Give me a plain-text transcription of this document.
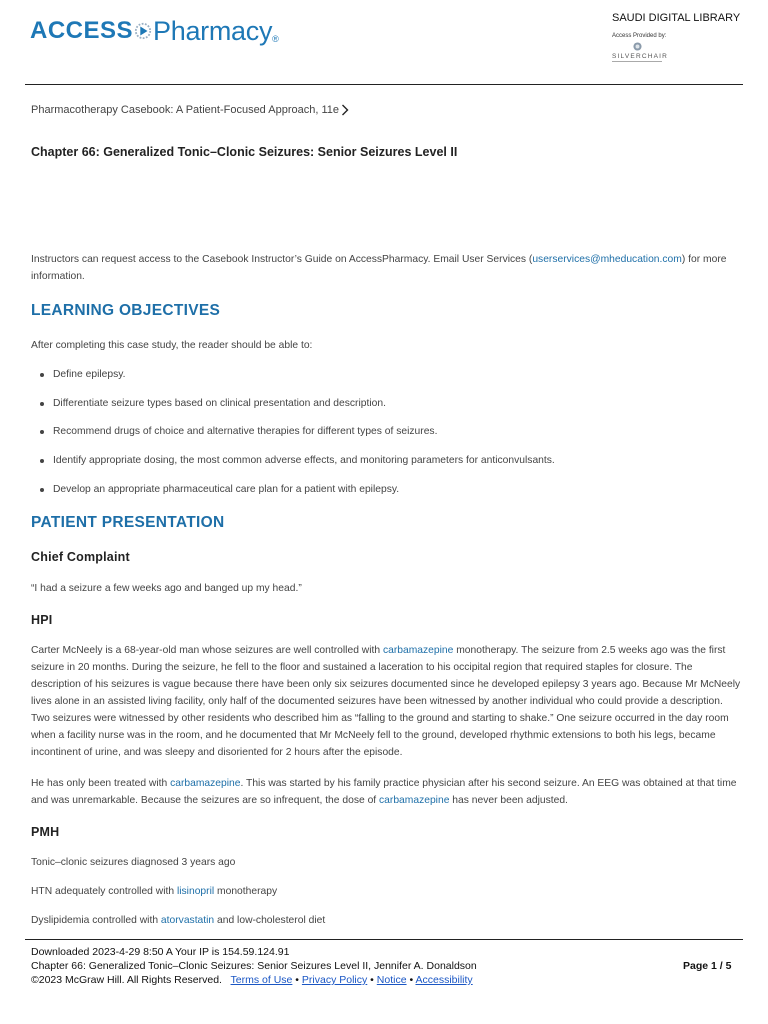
ACCESS Pharmacy ®
SAUDI DIGITAL LIBRARY
Access Provided by:
SILVERCHAIR
Pharmacotherapy Casebook: A Patient-Focused Approach, 11e
Chapter 66: Generalized Tonic–Clonic Seizures: Senior Seizures Level II
Instructors can request access to the Casebook Instructor’s Guide on AccessPharmacy. Email User Services (userservices@mheducation.com) for more information.
LEARNING OBJECTIVES
After completing this case study, the reader should be able to:
Define epilepsy.
Differentiate seizure types based on clinical presentation and description.
Recommend drugs of choice and alternative therapies for different types of seizures.
Identify appropriate dosing, the most common adverse effects, and monitoring parameters for anticonvulsants.
Develop an appropriate pharmaceutical care plan for a patient with epilepsy.
PATIENT PRESENTATION
Chief Complaint
“I had a seizure a few weeks ago and banged up my head.”
HPI
Carter McNeely is a 68-year-old man whose seizures are well controlled with carbamazepine monotherapy. The seizure from 2.5 weeks ago was the first seizure in 20 months. During the seizure, he fell to the floor and sustained a laceration to his occipital region that required staples for closure. The description of his seizures is vague because there have been only six seizures documented since he developed epilepsy 3 years ago. Because Mr McNeely lives alone in an assisted living facility, only half of the documented seizures have been witnessed by another individual who could provide a description. Two seizures were witnessed by other residents who described him as “falling to the ground and starting to shake.” One seizure occurred in the day room when a facility nurse was in the room, and he documented that Mr McNeely fell to the ground, developed rhythmic extensions to both his legs, became incontinent of urine, and was sleepy and disoriented for 2 hours after the episode.
He has only been treated with carbamazepine. This was started by his family practice physician after his second seizure. An EEG was obtained at that time and was unremarkable. Because the seizures are so infrequent, the dose of carbamazepine has never been adjusted.
PMH
Tonic–clonic seizures diagnosed 3 years ago
HTN adequately controlled with lisinopril monotherapy
Dyslipidemia controlled with atorvastatin and low-cholesterol diet
Downloaded 2023-4-29 8:50 A Your IP is 154.59.124.91
Chapter 66: Generalized Tonic–Clonic Seizures: Senior Seizures Level II, Jennifer A. Donaldson
©2023 McGraw Hill. All Rights Reserved. Terms of Use • Privacy Policy • Notice • Accessibility
Page 1 / 5
